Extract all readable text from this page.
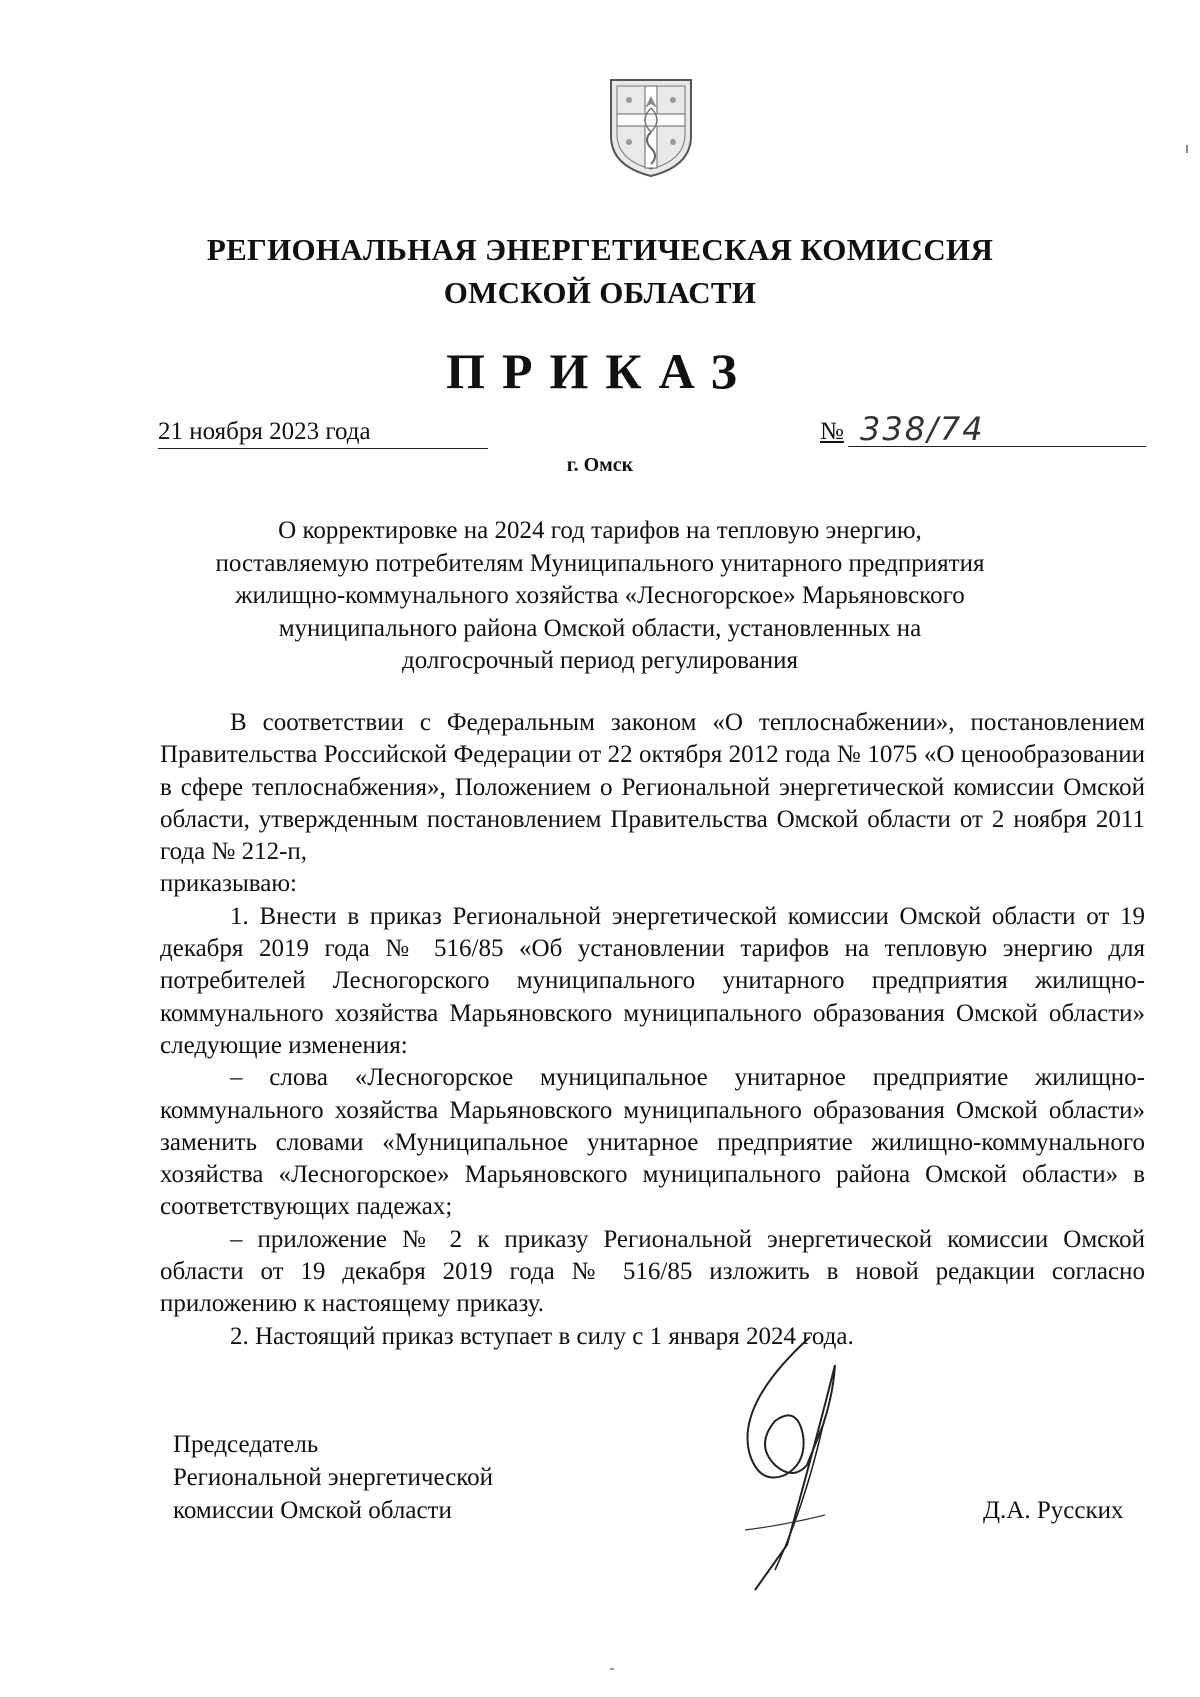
РЕГИОНАЛЬНАЯ ЭНЕРГЕТИЧЕСКАЯ КОМИССИЯ
ОМСКОЙ ОБЛАСТИ
ПРИКАЗ
21 ноября 2023 года	№ 338/74
г. Омск
О корректировке на 2024 год тарифов на тепловую энергию, поставляемую потребителям Муниципального унитарного предприятия жилищно-коммунального хозяйства «Лесногорское» Марьяновского муниципального района Омской области, установленных на долгосрочный период регулирования

В соответствии с Федеральным законом «О теплоснабжении», постановлением Правительства Российской Федерации от 22 октября 2012 года № 1075 «О ценообразовании в сфере теплоснабжения», Положением о Региональной энергетической комиссии Омской области, утвержденным постановлением Правительства Омской области от 2 ноября 2011 года № 212-п,

приказываю:

1. Внести в приказ Региональной энергетической комиссии Омской области от 19 декабря 2019 года № 516/85 «Об установлении тарифов на тепловую энергию для потребителей Лесногорского муниципального унитарного предприятия жилищно-коммунального хозяйства Марьяновского муниципального образования Омской области» следующие изменения:

– слова «Лесногорское муниципальное унитарное предприятие жилищно-коммунального хозяйства Марьяновского муниципального образования Омской области» заменить словами «Муниципальное унитарное предприятие жилищно-коммунального хозяйства «Лесногорское» Марьяновского муниципального района Омской области» в соответствующих падежах;

– приложение № 2 к приказу Региональной энергетической комиссии Омской области от 19 декабря 2019 года № 516/85 изложить в новой редакции согласно приложению к настоящему приказу.

2. Настоящий приказ вступает в силу с 1 января 2024 года.

Председатель
Региональной энергетической
комиссии Омской области	Д.А. Русских
